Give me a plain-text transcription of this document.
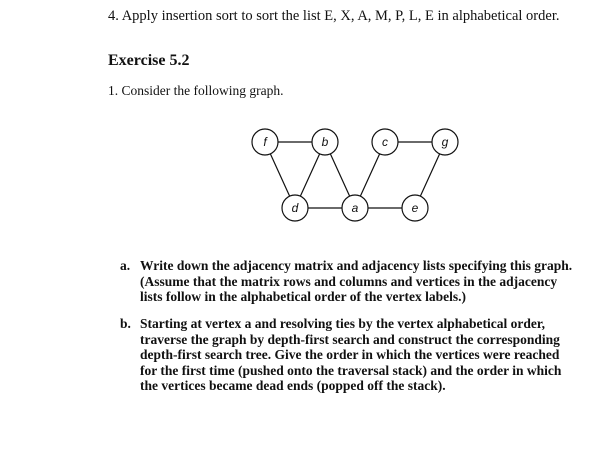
4. Apply insertion sort to sort the list E, X, A, M, P, L, E in alphabetical order.
Exercise 5.2
1. Consider the following graph.
f	b	c	g
d	a	e
a. Write down the adjacency matrix and adjacency lists specifying this graph.
(Assume that the matrix rows and columns and vertices in the adjacency
lists follow in the alphabetical order of the vertex labels.)
b. Starting at vertex a and resolving ties by the vertex alphabetical order,
traverse the graph by depth-first search and construct the corresponding
depth-first search tree. Give the order in which the vertices were reached
for the first time (pushed onto the traversal stack) and the order in which
the vertices became dead ends (popped off the stack).
